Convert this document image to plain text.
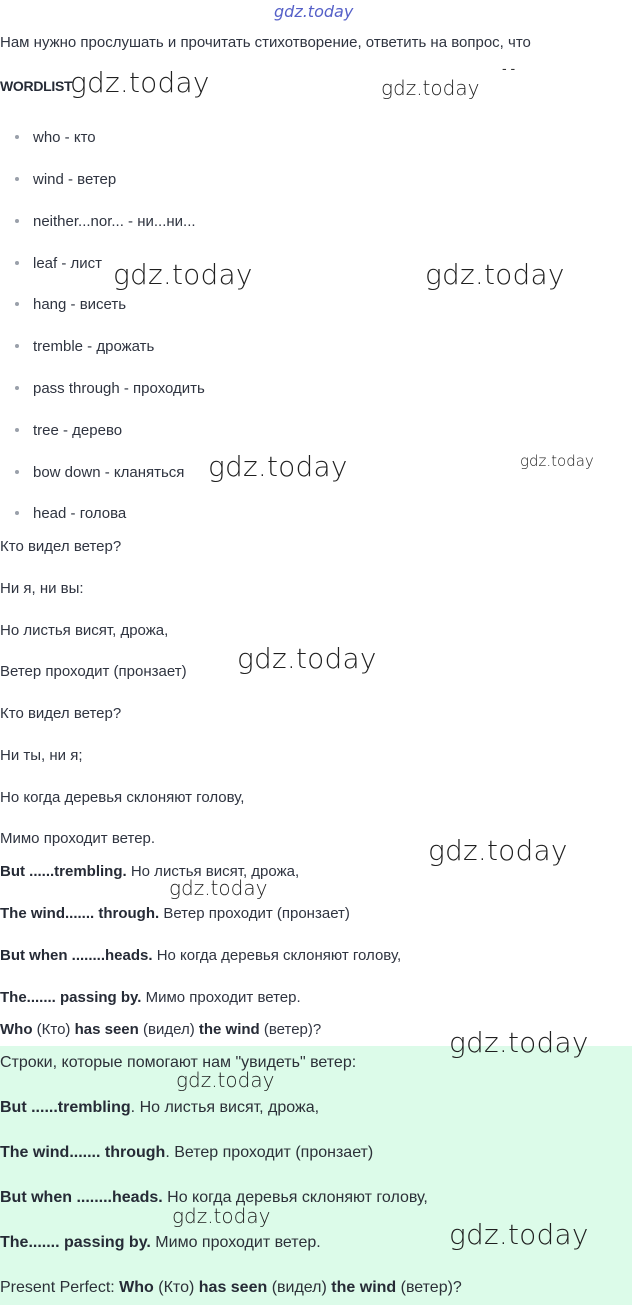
gdz.today
gdz.today	gdz.today
gdz.today	gdz.today
gdz.today	gdz.today
gdz.today
gdz.today
gdz.today
Нам нужно прослушать и прочитать стихотворение, ответить на вопрос, что
- -
WORDLIST
who - кто
wind - ветер
neither...nor... - ни...ни...
leaf - лист
hang - висеть
tremble - дрожать
pass through - проходить
tree - дерево
bow down - кланяться
head - голова
Кто видел ветер?
Ни я, ни вы:
Но листья висят, дрожа,
Ветер проходит (пронзает)
Кто видел ветер?
Ни ты, ни я;
Но когда деревья склоняют голову,
Мимо проходит ветер.
But ......trembling. Но листья висят, дрожа,
The wind....... through. Ветер проходит (пронзает)
But when ........heads. Но когда деревья склоняют голову,
The....... passing by. Мимо проходит ветер.
Who (Кто) has seen (видел) the wind (ветер)?
Строки, которые помогают нам "увидеть" ветер:
But ......trembling. Но листья висят, дрожа,
The wind....... through. Ветер проходит (пронзает)
But when ........heads. Но когда деревья склоняют голову,
The....... passing by. Мимо проходит ветер.
Present Perfect: Who (Кто) has seen (видел) the wind (ветер)?
gdz.today
gdz.today
gdz.today
gdz.today
